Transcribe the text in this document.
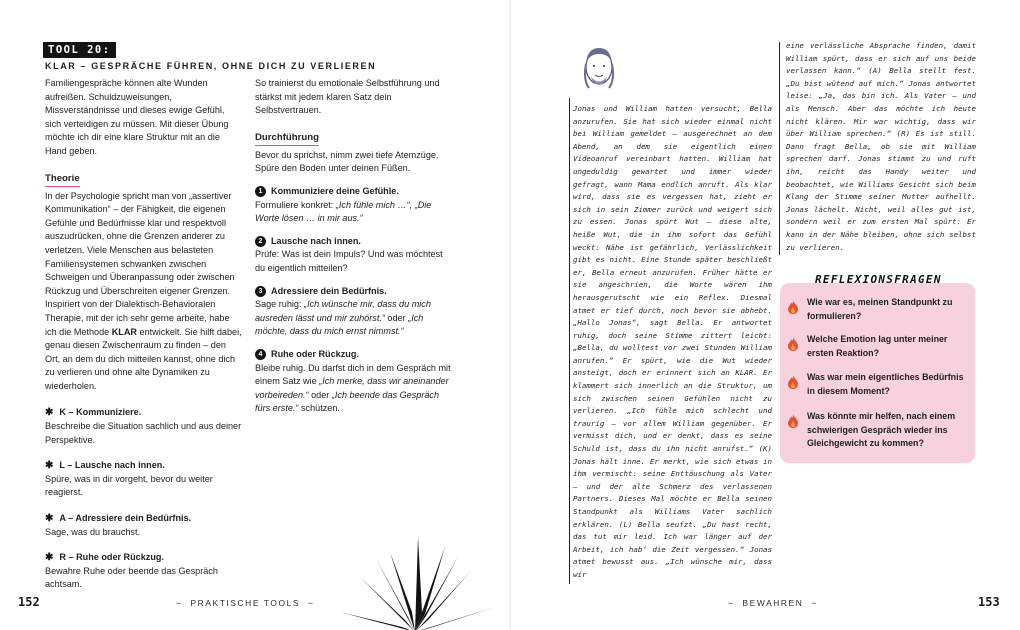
TOOL 20:
KLAR – GESPRÄCHE FÜHREN, OHNE DICH ZU VERLIEREN

Familiengespräche können alte Wunden aufreißen. Schuldzuweisungen, Missverständnisse und dieses ewige Gefühl, sich verteidigen zu müssen. Mit dieser Übung möchte ich dir eine klare Struktur mit an die Hand geben.

Theorie

In der Psychologie spricht man von „assertiver Kommunikation“ – der Fähigkeit, die eigenen Gefühle und Bedürfnisse klar und respektvoll auszudrücken, ohne die Grenzen anderer zu verletzen. Viele Menschen aus belasteten Familiensystemen schwanken zwischen Schweigen und Überanpassung oder zwischen Rückzug und Überschreiten eigener Grenzen. Inspiriert von der Dialektisch-Behavioralen Therapie, mit der ich sehr gerne arbeite, habe ich die Methode KLAR entwickelt. Sie hilft dabei, genau diesen Zwischenraum zu finden – den Ort, an dem du dich mitteilen kannst, ohne dich zu verlieren und ohne alte Dynamiken zu wiederholen.

✱ K – Kommuniziere.

Beschreibe die Situation sachlich und aus deiner Perspektive.

✱ L – Lausche nach innen.

Spüre, was in dir vorgeht, bevor du weiter reagierst.

✱ A – Adressiere dein Bedürfnis.

Sage, was du brauchst.

✱ R – Ruhe oder Rückzug.

Bewahre Ruhe oder beende das Gespräch achtsam.

So trainierst du emotionale Selbstführung und stärkst mit jedem klaren Satz dein Selbstvertrauen.

Durchführung

Bevor du sprichst, nimm zwei tiefe Atemzüge. Spüre den Boden unter deinen Füßen.

1 Kommuniziere deine Gefühle.

Formuliere konkret: „Ich fühle mich …“, „Die Worte lösen … in mir aus.“

2 Lausche nach innen.

Prüfe: Was ist dein Impuls? Und was möchtest du eigentlich mitteilen?

3 Adressiere dein Bedürfnis.

Sage ruhig: „Ich wünsche mir, dass du mich ausreden lässt und mir zuhörst.“ oder „Ich möchte, dass du mich ernst nimmst.“

4 Ruhe oder Rückzug.

Bleibe ruhig. Du darfst dich in dem Gespräch mit einem Satz wie „Ich merke, dass wir aneinander vorbeireden.“ oder „Ich beende das Gespräch fürs erste.“ schützen.

152	~ PRAKTISCHE TOOLS ~
Jonas und William hatten versucht, Bella anzurufen. Sie hat sich wieder einmal nicht bei William gemeldet – ausgerechnet an dem Abend, an dem sie eigentlich einen Videoanruf vereinbart hatten. William hat ungeduldig gewartet und immer wieder gefragt, wann Mama endlich anruft. Als klar wird, dass sie es vergessen hat, zieht er sich in sein Zimmer zurück und weigert sich zu essen. Jonas spürt Wut – diese alte, heiße Wut, die in ihm sofort das Gefühl weckt: Nähe ist gefährlich, Verlässlichkeit gibt es nicht. Eine Stunde später beschließt er, Bella erneut anzurufen. Früher hätte er sie angeschrien, die Worte wären ihm herausgerutscht wie ein Reflex. Diesmal atmet er tief durch, noch bevor sie abhebt. „Hallo Jonas“, sagt Bella. Er antwortet ruhig, doch seine Stimme zittert leicht: „Bella, du wolltest vor zwei Stunden William anrufen.“ Er spürt, wie die Wut wieder ansteigt, doch er erinnert sich an KLAR. Er klammert sich innerlich an die Struktur, um sich zwischen seinen Gefühlen nicht zu verlieren. „Ich fühle mich schlecht und traurig – vor allem William gegenüber. Er vermisst dich, und er denkt, dass es seine Schuld ist, dass du ihn nicht anrufst.“ (K) Jonas hält inne. Er merkt, wie sich etwas in ihm vermischt: seine Enttäuschung als Vater – und der alte Schmerz des verlassenen Partners. Dieses Mal möchte er Bella seinen Standpunkt als Williams Vater sachlich erklären. (L) Bella seufzt. „Du hast recht, das tut mir leid. Ich war länger auf der Arbeit, ich hab’ die Zeit vergessen.“ Jonas atmet bewusst aus. „Ich wünsche mir, dass wir
eine verlässliche Absprache finden, damit William spürt, dass er sich auf uns beide verlassen kann.“ (A) Bella stellt fest. „Du bist wütend auf mich.“ Jonas antwortet leise: „Ja, das bin ich. Als Vater – und als Mensch. Aber das möchte ich heute nicht klären. Mir war wichtig, dass wir über William sprechen.“ (R) Es ist still. Dann fragt Bella, ob sie mit William sprechen darf. Jonas stimmt zu und ruft ihn, reicht das Handy weiter und beobachtet, wie Williams Gesicht sich beim Klang der Stimme seiner Mutter aufhellt. Jonas lächelt. Nicht, weil alles gut ist, sondern weil er zum ersten Mal spürt: Er kann in der Nähe bleiben, ohne sich selbst zu verlieren.
REFLEXIONSFRAGEN
Wie war es, meinen Standpunkt zu formulieren?
Welche Emotion lag unter meiner ersten Reaktion?
Was war mein eigentliches Bedürfnis in diesem Moment?
Was könnte mir helfen, nach einem schwierigen Gespräch wieder ins Gleichgewicht zu kommen?
~ BEWAHREN ~	153
